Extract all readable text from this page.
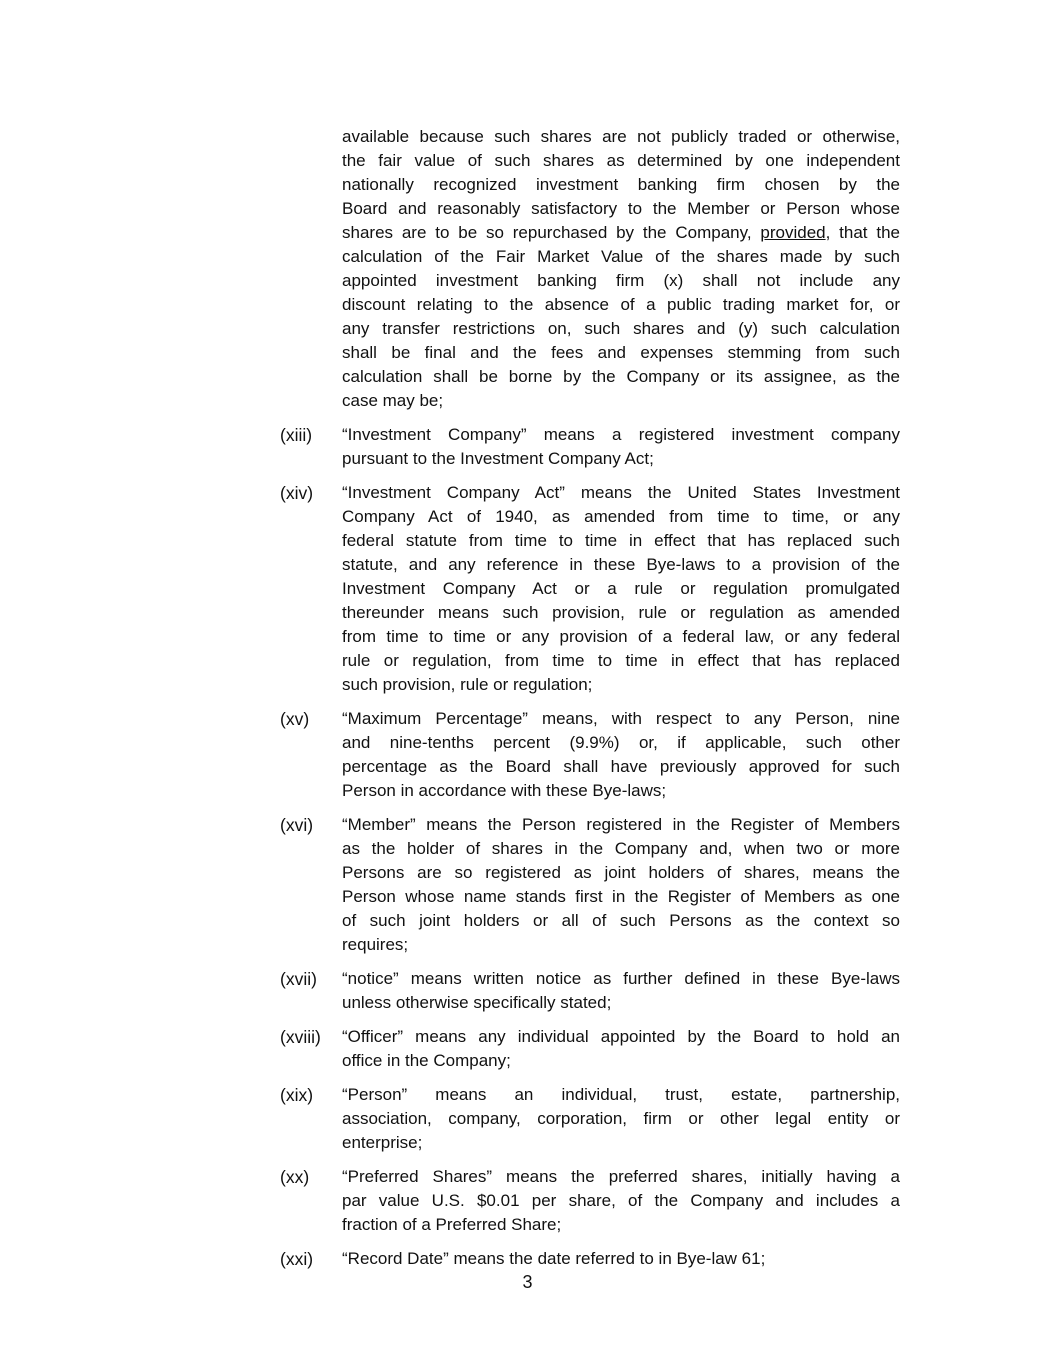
available because such shares are not publicly traded or otherwise,
the fair value of such shares as determined by one independent
nationally recognized investment banking firm chosen by the
Board and reasonably satisfactory to the Member or Person whose
shares are to be so repurchased by the Company, provided, that the
calculation of the Fair Market Value of the shares made by such
appointed investment banking firm (x) shall not include any
discount relating to the absence of a public trading market for, or
any transfer restrictions on, such shares and (y) such calculation
shall be final and the fees and expenses stemming from such
calculation shall be borne by the Company or its assignee, as the
case may be;
(xiii) “Investment Company” means a registered investment company
pursuant to the Investment Company Act;
(xiv) “Investment Company Act” means the United States Investment
Company Act of 1940, as amended from time to time, or any
federal statute from time to time in effect that has replaced such
statute, and any reference in these Bye-laws to a provision of the
Investment Company Act or a rule or regulation promulgated
thereunder means such provision, rule or regulation as amended
from time to time or any provision of a federal law, or any federal
rule or regulation, from time to time in effect that has replaced
such provision, rule or regulation;
(xv) “Maximum Percentage” means, with respect to any Person, nine
and nine-tenths percent (9.9%) or, if applicable, such other
percentage as the Board shall have previously approved for such
Person in accordance with these Bye-laws;
(xvi) “Member” means the Person registered in the Register of Members
as the holder of shares in the Company and, when two or more
Persons are so registered as joint holders of shares, means the
Person whose name stands first in the Register of Members as one
of such joint holders or all of such Persons as the context so
requires;
(xvii) “notice” means written notice as further defined in these Bye-laws
unless otherwise specifically stated;
(xviii) “Officer” means any individual appointed by the Board to hold an
office in the Company;
(xix) “Person” means an individual, trust, estate, partnership,
association, company, corporation, firm or other legal entity or
enterprise;
(xx) “Preferred Shares” means the preferred shares, initially having a
par value U.S. $0.01 per share, of the Company and includes a
fraction of a Preferred Share;
(xxi) “Record Date” means the date referred to in Bye-law 61;
3
